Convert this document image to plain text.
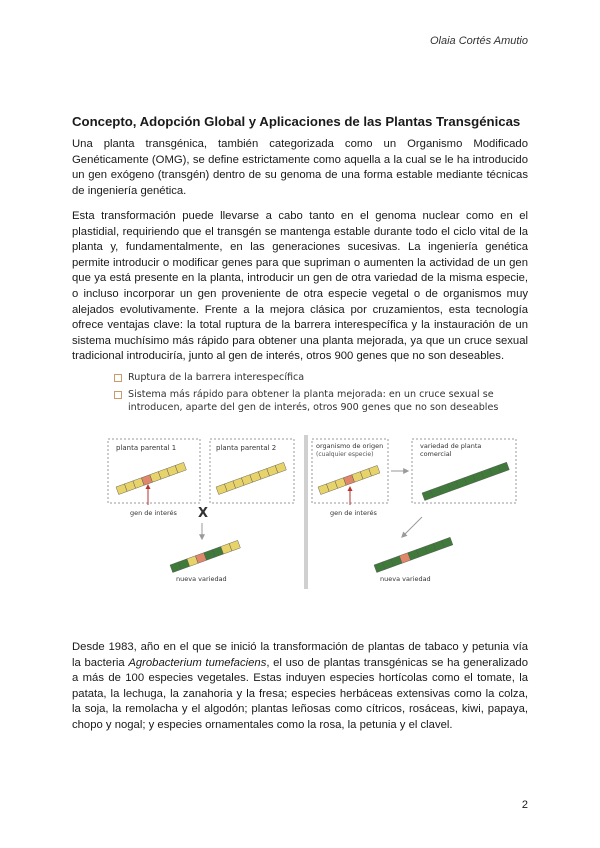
Olaia Cortés Amutio
Concepto, Adopción Global y Aplicaciones de las Plantas Transgénicas

Una planta transgénica, también categorizada como un Organismo Modificado Genéticamente (OMG), se define estrictamente como aquella a la cual se le ha introducido un gen exógeno (transgén) dentro de su genoma de una forma estable mediante técnicas de ingeniería genética.

Esta transformación puede llevarse a cabo tanto en el genoma nuclear como en el plastidial, requiriendo que el transgén se mantenga estable durante todo el ciclo vital de la planta y, fundamentalmente, en las generaciones sucesivas. La ingeniería genética permite introducir o modificar genes para que supriman o aumenten la actividad de un gen que ya está presente en la planta, introducir un gen de otra variedad de la misma especie, o incluso incorporar un gen proveniente de otra especie vegetal o de organismos muy alejados evolutivamente. Frente a la mejora clásica por cruzamientos, esta tecnología ofrece ventajas clave: la total ruptura de la barrera interespecífica y la instauración de un sistema muchísimo más rápido para obtener una planta mejorada, ya que un cruce sexual tradicional introduciría, junto al gen de interés, otros 900 genes que no son deseables.

Ruptura de la barrera interespecífica
Sistema más rápido para obtener la planta mejorada: en un cruce sexual se introducen, aparte del gen de interés, otros 900 genes que no son deseables
planta parental 1	planta parental 2
gen de interés X
nueva variedad
organismo de origen
(cualquier especie)
variedad de planta
comercial
gen de interés
nueva variedad

Desde 1983, año en el que se inició la transformación de plantas de tabaco y petunia vía la bacteria Agrobacterium tumefaciens, el uso de plantas transgénicas se ha generalizado a más de 100 especies vegetales. Estas induyen especies hortícolas como el tomate, la patata, la lechuga, la zanahoria y la fresa; especies herbáceas extensivas como la colza, la soja, la remolacha y el algodón; plantas leñosas como cítricos, rosáceas, kiwi, papaya, chopo y nogal; y especies ornamentales como la rosa, la petunia y el clavel.

2
